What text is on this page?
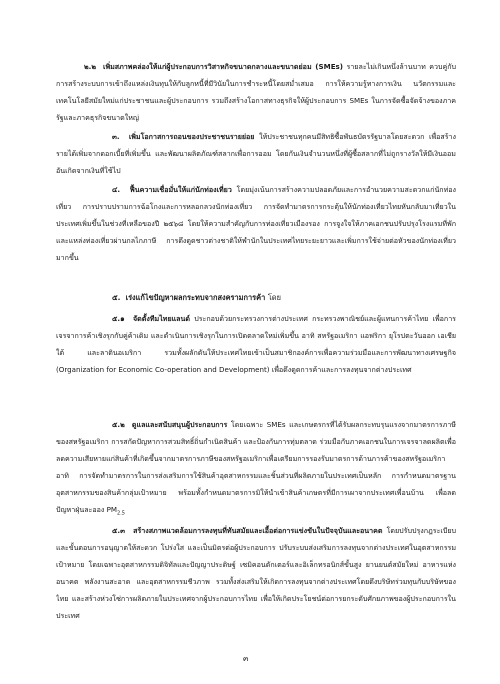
๒.๒ เพิ่มสภาพคล่องให้แก่ผู้ประกอบการวิสาหกิจขนาดกลางและขนาดย่อม (SMEs) รายละไม่เกินหนึ่งล้านบาท ควบคู่กับการสร้างระบบการเข้าถึงแหล่งเงินทุนให้กับลูกหนี้ที่มีวินัยในการชำระหนี้โดยสม่ำเสมอ การให้ความรู้ทางการเงิน นวัตกรรมและเทคโนโลยีสมัยใหม่แก่ประชาชนและผู้ประกอบการ รวมถึงสร้างโอกาสทางธุรกิจให้ผู้ประกอบการ SMEs ในการจัดซื้อจัดจ้างของภาครัฐและภาคธุรกิจขนาดใหญ่
๓. เพิ่มโอกาสการถอนของประชาชนรายย่อย ให้ประชาชนทุกคนมีสิทธิซื้อพันธบัตรรัฐบาลโดยสะดวก เพื่อสร้างรายได้เพิ่มจากดอกเบี้ยที่เพิ่มขึ้น และพัฒนาผลิตภัณฑ์สลากเพื่อการออม โดยกันเงินจำนวนหนึ่งที่ผู้ซื้อสลากที่ไม่ถูกรางวัลให้มีเงินออมอันเกิดจากเงินที่ใช้ไป
๔. ฟื้นความเชื่อมั่นให้แก่นักท่องเที่ยว โดยมุ่งเน้นการสร้างความปลอดภัยและการอำนวยความสะดวกแก่นักท่องเที่ยว การปราบปรามการฉ้อโกงและการหลอกลวงนักท่องเที่ยว การจัดทำมาตรการกระตุ้นให้นักท่องเที่ยวไทยหันกลับมาเที่ยวในประเทศเพิ่มขึ้นในช่วงที่เหลือของปี ๒๕๖๘ โดยให้ความสำคัญกับการท่องเที่ยวเมืองรอง การจูงใจให้ภาคเอกชนปรับปรุงโรงแรมที่พักและแหล่งท่องเที่ยวผ่านกลไกภาษี การดึงดูดชาวต่างชาติให้พำนักในประเทศไทยระยะยาวและเพิ่มการใช้จ่ายต่อหัวของนักท่องเที่ยวมากขึ้น
๕. เร่งแก้ไขปัญหาผลกระทบจากสงครามการค้า โดย
๕.๑ จัดตั้งทีมไทยแลนด์ ประกอบด้วยกระทรวงการต่างประเทศ กระทรวงพาณิชย์และผู้แทนการค้าไทย เพื่อการเจรจาการค้าเชิงรุกกับคู่ค้าเดิม และดำเนินการเชิงรุกในการเปิดตลาดใหม่เพิ่มขึ้น อาทิ สหรัฐอเมริกา แอฟริกา ยุโรปตะวันออก เอเชียใต้ และลาตินอเมริกา รวมทั้งผลักดันให้ประเทศไทยเข้าเป็นสมาชิกองค์การเพื่อความร่วมมือและการพัฒนาทางเศรษฐกิจ (Organization for Economic Co-operation and Development) เพื่อดึงดูดการค้าและการลงทุนจากต่างประเทศ
๕.๒ ดูแลและสนับสนุนผู้ประกอบการ โดยเฉพาะ SMEs และเกษตรกรที่ได้รับผลกระทบรุนแรงจากมาตรการภาษีของสหรัฐอเมริกา การสกัดปัญหาการสวมสิทธิ์ถิ่นกำเนิดสินค้า และป้องกันการทุ่มตลาด ร่วมมือกับภาคเอกชนในการเจรจาลดผลิตเพื่อลดความเสียหายแก่สินค้าที่เกิดขึ้นจากมาตรการภาษีของสหรัฐอเมริกาเพื่อเตรียมการรองรับมาตรการด้านการค้าของสหรัฐอเมริกา อาทิ การจัดทำมาตรการในการส่งเสริมการใช้สินค้าอุตสาหกรรมและชิ้นส่วนที่ผลิตภายในประเทศเป็นหลัก การกำหนดมาตรฐานอุตสาหกรรมของสินค้ากลุ่มเป้าหมาย พร้อมทั้งกำหนดมาตรการมิให้นำเข้าสินค้าเกษตรที่มีการเผาจากประเทศเพื่อนบ้าน เพื่อลดปัญหาฝุ่นละออง $PM_{2.5}$
๕.๓ สร้างสภาพแวดล้อมการลงทุนที่ทันสมัยและเอื้อต่อการแข่งขันในปัจจุบันและอนาคต โดยปรับปรุงกฎระเบียบและขั้นตอนการอนุญาตให้สะดวก โปร่งใส และเป็นมิตรต่อผู้ประกอบการ ปรับระบบส่งเสริมการลงทุนจากต่างประเทศในอุตสาหกรรมเป้าหมาย โดยเฉพาะอุตสาหกรรมดิจิทัลและปัญญาประดิษฐ์ เซมิคอนดักเตอร์และอิเล็กทรอนิกส์ขั้นสูง ยานยนต์สมัยใหม่ อาหารแห่งอนาคต พลังงานสะอาด และอุตสาหกรรมชีวภาพ รวมทั้งส่งเสริมให้เกิดการลงทุนจากต่างประเทศโดยดึงบริษัทร่วมทุนกับบริษัทของไทย และสร้างห่วงโซ่การผลิตภายในประเทศจากผู้ประกอบการไทย เพื่อให้เกิดประโยชน์ต่อการยกระดับศักยภาพของผู้ประกอบการในประเทศ
๓
